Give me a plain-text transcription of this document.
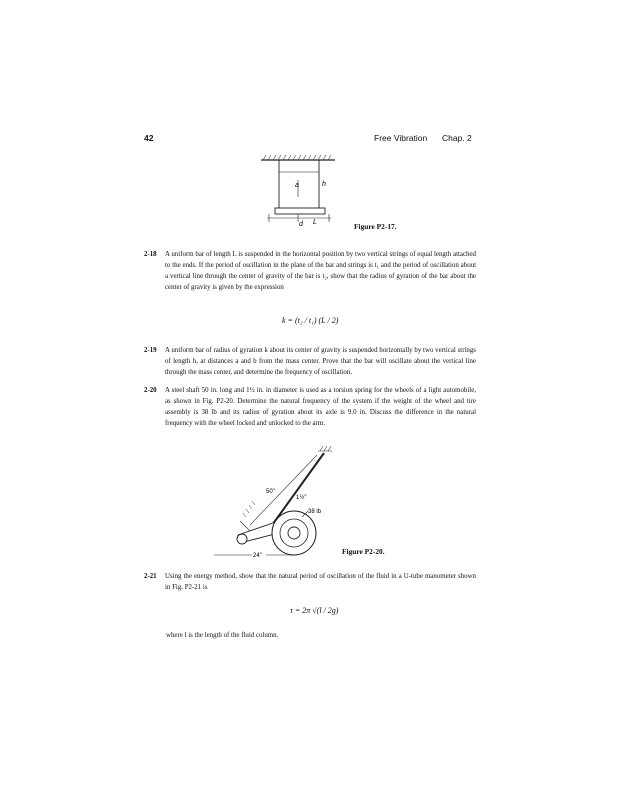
42	Free Vibration Chap. 2
a	h
d L	Figure P2-17.
2-18 A uniform bar of length L is suspended in the horizontal position by two vertical strings of equal length attached to the ends. If the period of oscillation in the plane of the bar and strings is t₁ and the period of oscillation about a vertical line through the center of gravity of the bar is t₂, show that the radius of gyration of the bar about the center of gravity is given by the expression
k = (t₂ / t₁) (L / 2)
2-19 A uniform bar of radius of gyration k about its center of gravity is suspended horizontally by two vertical strings of length h, at distances a and b from the mass center. Prove that the bar will oscillate about the vertical line through the mass center, and determine the frequency of oscillation.
2-20 A steel shaft 50 in. long and 1½ in. in diameter is used as a torsion spring for the wheels of a light automobile, as shown in Fig. P2-20. Determine the natural frequency of the system if the weight of the wheel and tire assembly is 38 lb and its radius of gyration about its axle is 9.0 in. Discuss the difference in the natural frequency with the wheel locked and unlocked to the arm.
50"
1½"
38 lb
24"	Figure P2-20.
2-21 Using the energy method, show that the natural period of oscillation of the fluid in a U-tube manometer shown in Fig. P2-21 is
τ = 2π √(l / 2g)
where l is the length of the fluid column.
